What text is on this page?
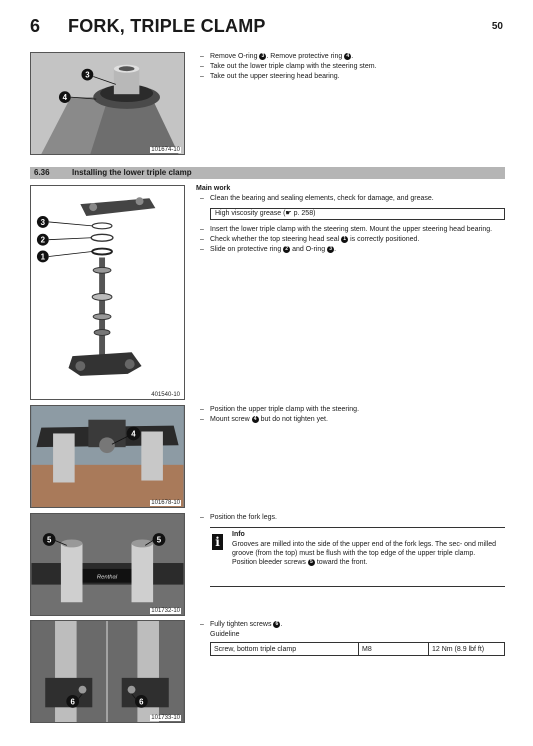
6 FORK, TRIPLE CLAMP	50
3
4
101674-10
– Remove O-ring 3 . Remove protective ring 4 .
– Take out the lower triple clamp with the steering stem.
– Take out the upper steering head bearing.
6.36	Installing the lower triple clamp
3
2
1
401540-10
Main work
– Clean the bearing and sealing elements, check for damage, and grease.
High viscosity grease (☛ p. 258)
– Insert the lower triple clamp with the steering stem. Mount the upper steering head bearing.
– Check whether the top steering head seal 1 is correctly positioned.
– Slide on protective ring 2 and O-ring 3 .
4
101678-10
– Position the upper triple clamp with the steering.
– Mount screw 4 but do not tighten yet.
Renthal
5	5
101732-10
– Position the fork legs.
i
Info
Grooves are milled into the side of the upper end of the fork legs. The sec- ond milled groove (from the top) must be flush with the top edge of the upper triple clamp.
Position bleeder screws 5 toward the front.
6	6
101733-10
– Fully tighten screws 6 .
Guideline
Screw, bottom triple clamp	M8	12 Nm (8.9 lbf ft)
